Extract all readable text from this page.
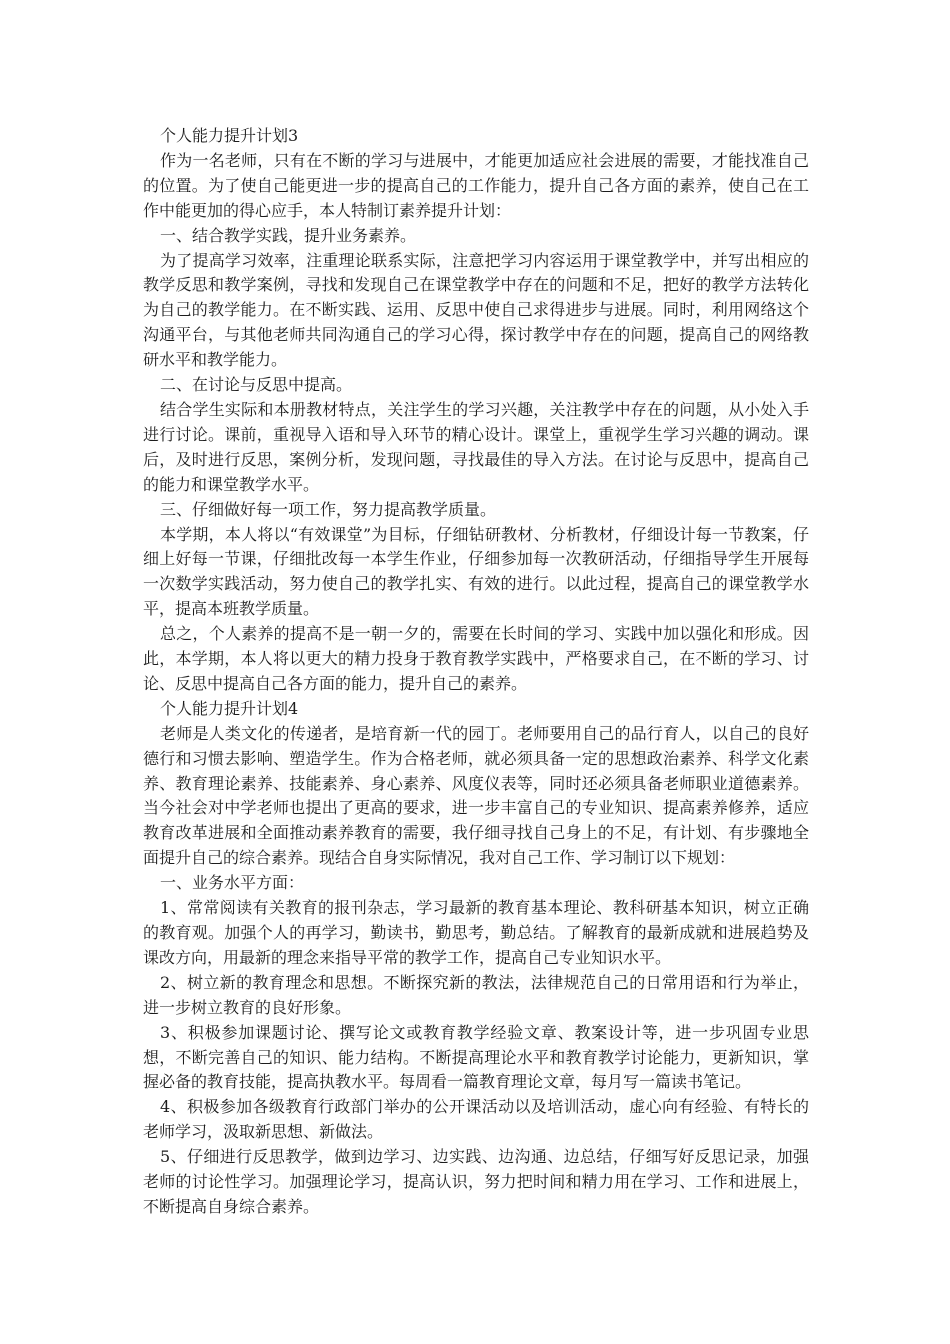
个人能力提升计划3

作为一名老师，只有在不断的学习与进展中，才能更加适应社会进展的需要，才能找准自己的位置。为了使自己能更进一步的提高自己的工作能力，提升自己各方面的素养，使自己在工作中能更加的得心应手，本人特制订素养提升计划：

一、结合教学实践，提升业务素养。

为了提高学习效率，注重理论联系实际，注意把学习内容运用于课堂教学中，并写出相应的教学反思和教学案例，寻找和发现自己在课堂教学中存在的问题和不足，把好的教学方法转化为自己的教学能力。在不断实践、运用、反思中使自己求得进步与进展。同时，利用网络这个沟通平台，与其他老师共同沟通自己的学习心得，探讨教学中存在的问题，提高自己的网络教研水平和教学能力。

二、在讨论与反思中提高。

结合学生实际和本册教材特点，关注学生的学习兴趣，关注教学中存在的问题，从小处入手进行讨论。课前，重视导入语和导入环节的精心设计。课堂上，重视学生学习兴趣的调动。课后，及时进行反思，案例分析，发现问题，寻找最佳的导入方法。在讨论与反思中，提高自己的能力和课堂教学水平。

三、仔细做好每一项工作，努力提高教学质量。

本学期，本人将以“有效课堂”为目标，仔细钻研教材、分析教材，仔细设计每一节教案，仔细上好每一节课，仔细批改每一本学生作业，仔细参加每一次教研活动，仔细指导学生开展每一次数学实践活动，努力使自己的教学扎实、有效的进行。以此过程，提高自己的课堂教学水平，提高本班教学质量。

总之，个人素养的提高不是一朝一夕的，需要在长时间的学习、实践中加以强化和形成。因此，本学期，本人将以更大的精力投身于教育教学实践中，严格要求自己，在不断的学习、讨论、反思中提高自己各方面的能力，提升自己的素养。

个人能力提升计划4

老师是人类文化的传递者，是培育新一代的园丁。老师要用自己的品行育人，以自己的良好德行和习惯去影响、塑造学生。作为合格老师，就必须具备一定的思想政治素养、科学文化素养、教育理论素养、技能素养、身心素养、风度仪表等，同时还必须具备老师职业道德素养。当今社会对中学老师也提出了更高的要求，进一步丰富自己的专业知识、提高素养修养，适应教育改革进展和全面推动素养教育的需要，我仔细寻找自己身上的不足，有计划、有步骤地全面提升自己的综合素养。现结合自身实际情况，我对自己工作、学习制订以下规划：

一、业务水平方面：

1、常常阅读有关教育的报刊杂志，学习最新的教育基本理论、教科研基本知识，树立正确的教育观。加强个人的再学习，勤读书，勤思考，勤总结。了解教育的最新成就和进展趋势及课改方向，用最新的理念来指导平常的教学工作，提高自己专业知识水平。

2、树立新的教育理念和思想。不断探究新的教法，法律规范自己的日常用语和行为举止，进一步树立教育的良好形象。

3、积极参加课题讨论、撰写论文或教育教学经验文章、教案设计等，进一步巩固专业思想，不断完善自己的知识、能力结构。不断提高理论水平和教育教学讨论能力，更新知识，掌握必备的教育技能，提高执教水平。每周看一篇教育理论文章，每月写一篇读书笔记。

4、积极参加各级教育行政部门举办的公开课活动以及培训活动，虚心向有经验、有特长的老师学习，汲取新思想、新做法。

5、仔细进行反思教学，做到边学习、边实践、边沟通、边总结，仔细写好反思记录，加强老师的讨论性学习。加强理论学习，提高认识，努力把时间和精力用在学习、工作和进展上，不断提高自身综合素养。
